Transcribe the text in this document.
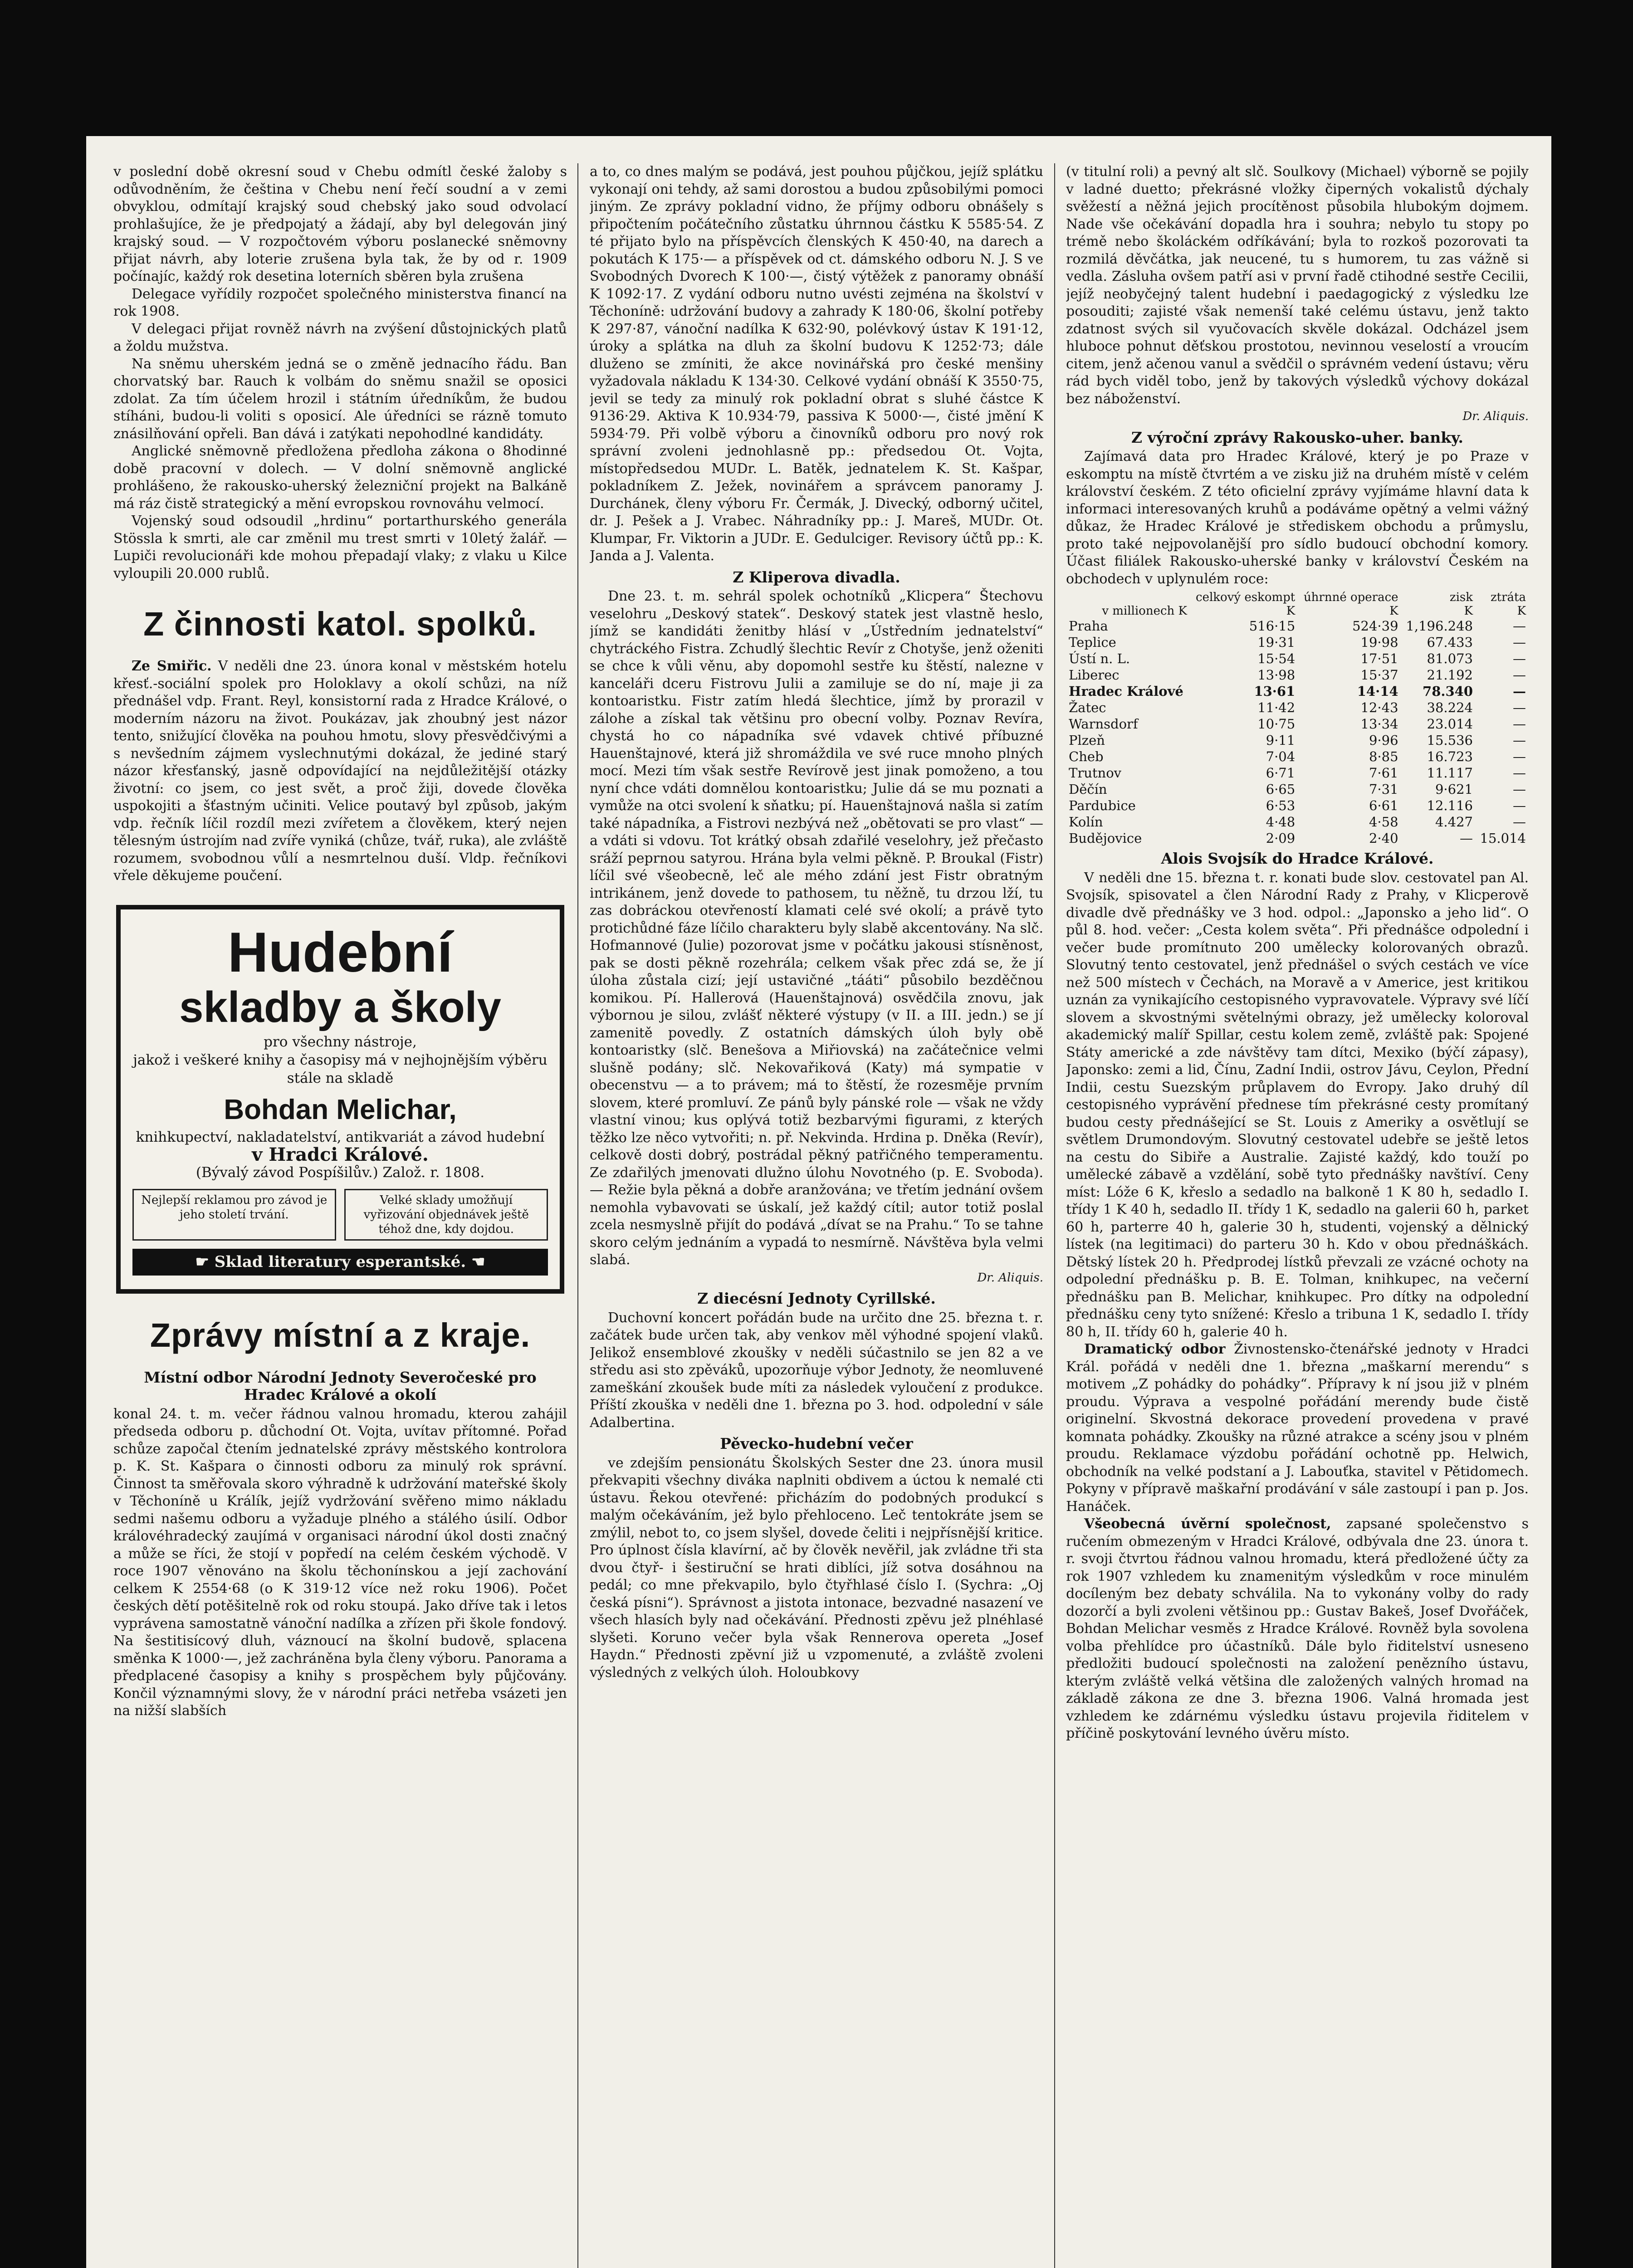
v poslední době okresní soud v Chebu odmítl české žaloby s odůvodněním, že čeština v Chebu není řečí soudní a v zemi obvyklou, odmítají krajský soud chebský jako soud odvolací prohlašujíce, že je předpojatý a žádají, aby byl delegován jiný krajský soud. — V rozpočtovém výboru poslanecké sněmovny přijat návrh, aby loterie zrušena byla tak, že by od r. 1909 počínajíc, každý rok desetina loterních sběren byla zrušena

Delegace vyřídily rozpočet společného ministerstva financí na rok 1908.

V delegaci přijat rovněž návrh na zvýšení důstojnických platů a žoldu mužstva.

Na sněmu uherském jedná se o změně jednacího řádu. Ban chorvatský bar. Rauch k volbám do sněmu snažil se oposici zdolat. Za tím účelem hrozil i státním úředníkům, že budou stíháni, budou-li voliti s oposicí. Ale úředníci se rázně tomuto znásilňování opřeli. Ban dává i zatýkati nepohodlné kandidáty.

Anglické sněmovně předložena předloha zákona o 8hodinné době pracovní v dolech. — V dolní sněmovně anglické prohlášeno, že rakousko-uherský železniční projekt na Balkáně má ráz čistě strategický a mění evropskou rovnováhu velmocí.

Vojenský soud odsoudil „hrdinu“ portarthurského generála Stössla k smrti, ale car změnil mu trest smrti v 10letý žalář. — Lupiči revolucionáři kde mohou přepadají vlaky; z vlaku u Kilce vyloupili 20.000 rublů.

Z činnosti katol. spolků.

Ze Smiřic. V neděli dne 23. února konal v městském hotelu křesť.-sociální spolek pro Holoklavy a okolí schůzi, na níž přednášel vdp. Frant. Reyl, konsistorní rada z Hradce Králové, o moderním názoru na život. Poukázav, jak zhoubný jest názor tento, snižující člověka na pouhou hmotu, slovy přesvědčivými a s nevšedním zájmem vyslechnutými dokázal, že jediné starý názor křesťanský, jasně odpovídající na nejdůležitější otázky životní: co jsem, co jest svět, a proč žiji, dovede člověka uspokojiti a šťastným učiniti. Velice poutavý byl způsob, jakým vdp. řečník líčil rozdíl mezi zvířetem a člověkem, který nejen tělesným ústrojím nad zvíře vyniká (chůze, tvář, ruka), ale zvláště rozumem, svobodnou vůlí a nesmrtelnou duší. Vldp. řečníkovi vřele děkujeme poučení.

Hudební
skladby a školy
pro všechny nástroje,
jakož i veškeré knihy a časopisy má v nejhojnějším výběru stále na skladě
Bohdan Melichar,
knihkupectví, nakladatelství, antikvariát a závod hudební
v Hradci Králové.
(Bývalý závod Pospíšilův.) Založ. r. 1808.
Nejlepší reklamou pro závod je jeho století trvání.
Velké sklady umožňují vyřizování objednávek ještě téhož dne, kdy dojdou.
☛ Sklad literatury esperantské. ☚
Zprávy místní a z kraje.

Místní odbor Národní Jednoty Severočeské pro Hradec Králové a okolí

konal 24. t. m. večer řádnou valnou hromadu, kterou zahájil předseda odboru p. důchodní Ot. Vojta, uvítav přítomné. Pořad schůze započal čtením jednatelské zprávy městského kontrolora p. K. St. Kašpara o činnosti odboru za minulý rok správní. Činnost ta směřovala skoro výhradně k udržování mateřské školy v Těchoníně u Králík, jejíž vydržování svěřeno mimo nákladu sedmi našemu odboru a vyžaduje plného a stálého úsilí. Odbor královéhradecký zaujímá v organisaci národní úkol dosti značný a může se říci, že stojí v popředí na celém českém východě. V roce 1907 věnováno na školu těchonínskou a její zachování celkem K 2554·68 (o K 319·12 více než roku 1906). Počet českých dětí potěšitelně rok od roku stoupá. Jako dříve tak i letos vyprávena samostatně vánoční nadílka a zřízen při škole fondový. Na šestitisícový dluh, váznoucí na školní budově, splacena směnka K 1000·—, jež zachráněna byla členy výboru. Panorama a předplacené časopisy a knihy s prospěchem byly půjčovány. Končil významnými slovy, že v národní práci netřeba vsázeti jen na nižší slabších

a to, co dnes malým se podává, jest pouhou půjčkou, jejíž splátku vykonají oni tehdy, až sami dorostou a budou způsobilými pomoci jiným. Ze zprávy pokladní vidno, že příjmy odboru obnášely s připočtením počátečního zůstatku úhrnnou částku K 5585·54. Z té přijato bylo na příspěvcích členských K 450·40, na darech a pokutách K 175·— a příspěvek od ct. dámského odboru N. J. S ve Svobodných Dvorech K 100·—, čistý výtěžek z panoramy obnáší K 1092·17. Z vydání odboru nutno uvésti zejména na školství v Těchoníně: udržování budovy a zahrady K 180·06, školní potřeby K 297·87, vánoční nadílka K 632·90, polévkový ústav K 191·12, úroky a splátka na dluh za školní budovu K 1252·73; dále dluženo se zmíniti, že akce novinářská pro české menšiny vyžadovala nákladu K 134·30. Celkové vydání obnáší K 3550·75, jevil se tedy za minulý rok pokladní obrat s sluhé částce K 9136·29. Aktiva K 10.934·79, passiva K 5000·—, čisté jmění K 5934·79. Při volbě výboru a činovníků odboru pro nový rok správní zvoleni jednohlasně pp.: předsedou Ot. Vojta, místopředsedou MUDr. L. Batěk, jednatelem K. St. Kašpar, pokladníkem Z. Ježek, novinářem a správcem panoramy J. Durchánek, členy výboru Fr. Čermák, J. Divecký, odborný učitel, dr. J. Pešek a J. Vrabec. Náhradníky pp.: J. Mareš, MUDr. Ot. Klumpar, Fr. Viktorin a JUDr. E. Gedulciger. Revisory účtů pp.: K. Janda a J. Valenta.

Z Kliperova divadla.

Dne 23. t. m. sehrál spolek ochotníků „Klicpera“ Štechovu veselohru „Deskový statek“. Deskový statek jest vlastně heslo, jímž se kandidáti ženitby hlásí v „Ústředním jednatelství“ chytráckého Fistra. Zchudlý šlechtic Revír z Chotyše, jenž oženiti se chce k vůli věnu, aby dopomohl sestře ku štěstí, nalezne v kanceláři dceru Fistrovu Julii a zamiluje se do ní, maje ji za kontoaristku. Fistr zatím hledá šlechtice, jímž by prorazil v zálohe a získal tak většinu pro obecní volby. Poznav Revíra, chystá ho co nápadníka své vdavek chtivé příbuzné Hauenštajnové, která již shromáždila ve své ruce mnoho plných mocí. Mezi tím však sestře Revírově jest jinak pomoženo, a tou nyní chce vdáti domnělou kontoaristku; Julie dá se mu poznati a vymůže na otci svolení k sňatku; pí. Hauenštajnová našla si zatím také nápadníka, a Fistrovi nezbývá než „obětovati se pro vlast“ — a vdáti si vdovu. Tot krátký obsah zdařilé veselohry, jež přečasto sráží peprnou satyrou. Hrána byla velmi pěkně. P. Broukal (Fistr) líčil své všeobecně, leč ale mého zdání jest Fistr obratným intrikánem, jenž dovede to pathosem, tu něžně, tu drzou lží, tu zas dobráckou otevřeností klamati celé své okolí; a právě tyto protichůdné fáze líčilo charakteru byly slabě akcentovány. Na slč. Hofmannové (Julie) pozorovat jsme v počátku jakousi stísněnost, pak se dosti pěkně rozehrála; celkem však přec zdá se, že jí úloha zůstala cizí; její ustavičné „tááti“ působilo bezděčnou komikou. Pí. Hallerová (Hauenštajnová) osvědčila znovu, jak výbornou je silou, zvlášť některé výstupy (v II. a III. jedn.) se jí zamenitě povedly. Z ostatních dámských úloh byly obě kontoaristky (slč. Benešova a Miřiovská) na začátečnice velmi slušně podány; slč. Nekovařiková (Katy) má sympatie v obecenstvu — a to právem; má to štěstí, že rozesměje prvním slovem, které promluví. Ze pánů byly pánské role — však ne vždy vlastní vinou; kus oplývá totiž bezbarvými figurami, z kterých těžko lze něco vytvořiti; n. př. Nekvinda. Hrdina p. Dněka (Revír), celkově dosti dobrý, postrádal pěkný patřičného temperamentu. Ze zdařilých jmenovati dlužno úlohu Novotného (p. E. Svoboda). — Režie byla pěkná a dobře aranžována; ve třetím jednání ovšem nemohla vybavovati se úskalí, jež každý cítil; autor totiž poslal zcela nesmyslně přijít do podává „dívat se na Prahu.“ To se tahne skoro celým jednáním a vypadá to nesmírně. Návštěva byla velmi slabá.

Dr. Aliquis.

Z diecésní Jednoty Cyrillské.

Duchovní koncert pořádán bude na určito dne 25. března t. r. začátek bude určen tak, aby venkov měl výhodné spojení vlaků. Jelikož ensemblové zkoušky v neděli súčastnilo se jen 82 a ve středu asi sto zpěváků, upozorňuje výbor Jednoty, že neomluvené zameškání zkoušek bude míti za následek vyloučení z produkce. Příští zkouška v neděli dne 1. března po 3. hod. odpolední v sále Adalbertina.

Pěvecko-hudební večer

ve zdejším pensionátu Školských Sester dne 23. února musil překvapiti všechny diváka naplniti obdivem a úctou k nemalé cti ústavu. Řekou otevřené: přicházím do podobných produkcí s malým očekáváním, jež bylo přehloceno. Leč tentokráte jsem se zmýlil, nebot to, co jsem slyšel, dovede čeliti i nejpřísnější kritice. Pro úplnost čísla klavírní, ač by člověk nevěřil, jak zvládne tři sta dvou čtyř- i šestiruční se hrati diblíci, jíž sotva dosáhnou na pedál; co mne překvapilo, bylo čtyřhlasé číslo I. (Sychra: „Oj česká písni“). Správnost a jistota intonace, bezvadné nasazení ve všech hlasích byly nad očekávání. Přednosti zpěvu jež plnéhlasé slyšeti. Koruno večer byla však Rennerova opereta „Josef Haydn.“ Přednosti zpěvní již u vzpomenuté, a zvláště zvoleni výsledných z velkých úloh. Holoubkovy

(v titulní roli) a pevný alt slč. Soulkovy (Michael) výborně se pojily v ladné duetto; překrásné vložky čiperných vokalistů dýchaly svěžestí a něžná jejich procítěnost působila hlubokým dojmem. Nade vše očekávání dopadla hra i souhra; nebylo tu stopy po trémě nebo školáckém odříkávání; byla to rozkoš pozorovati ta rozmilá děvčátka, jak neucené, tu s humorem, tu zas vážně si vedla. Zásluha ovšem patří asi v první řadě ctihodné sestře Cecilii, jejíž neobyčejný talent hudební i paedagogický z výsledku lze posouditi; zajisté však nemenší také celému ústavu, jenž takto zdatnost svých sil vyučovacích skvěle dokázal. Odcházel jsem hluboce pohnut děťskou prostotou, nevinnou veselostí a vroucím citem, jenž ačenou vanul a svědčil o správném vedení ústavu; věru rád bych viděl tobo, jenž by takových výsledků výchovy dokázal bez náboženství.

Dr. Aliquis.

Z výroční zprávy Rakousko-uher. banky.

Zajímavá data pro Hradec Králové, který je po Praze v eskomptu na místě čtvrtém a ve zisku již na druhém místě v celém království českém. Z této oficielní zprávy vyjímáme hlavní data k informaci interesovaných kruhů a podáváme opětný a velmi vážný důkaz, že Hradec Králové je střediskem obchodu a průmyslu, proto také nejpovolanější pro sídlo budoucí obchodní komory. Účast filiálek Rakousko-uherské banky v království Českém na obchodech v uplynulém roce:

	celkový eskompt	úhrnné operace	zisk	ztráta
v millionech K	K	K	K	K
Praha	516·15	524·39	1,196.248	—
Teplice	19·31	19·98	67.433	—
Ústí n. L.	15·54	17·51	81.073	—
Liberec	13·98	15·37	21.192	—
Hradec Králové	13·61	14·14	78.340	—
Žatec	11·42	12·43	38.224	—
Warnsdorf	10·75	13·34	23.014	—
Plzeň	9·11	9·96	15.536	—
Cheb	7·04	8·85	16.723	—
Trutnov	6·71	7·61	11.117	—
Děčín	6·65	7·31	9·621	—
Pardubice	6·53	6·61	12.116	—
Kolín	4·48	4·58	4.427	—
Budějovice	2·09	2·40	—	15.014

Alois Svojsík do Hradce Králové.

V neděli dne 15. března t. r. konati bude slov. cestovatel pan Al. Svojsík, spisovatel a člen Národní Rady z Prahy, v Klicperově divadle dvě přednášky ve 3 hod. odpol.: „Japonsko a jeho lid“. O půl 8. hod. večer: „Cesta kolem světa“. Při přednášce odpolední i večer bude promítnuto 200 umělecky kolorovaných obrazů. Slovutný tento cestovatel, jenž přednášel o svých cestách ve více než 500 místech v Čechách, na Moravě a v Americe, jest kritikou uznán za vynikajícího cestopisného vypravovatele. Výpravy své líčí slovem a skvostnými světelnými obrazy, jež umělecky koloroval akademický malíř Spillar, cestu kolem země, zvláště pak: Spojené Státy americké a zde návštěvy tam dítci, Mexiko (býčí zápasy), Japonsko: zemi a lid, Čínu, Zadní Indii, ostrov Jávu, Ceylon, Přední Indii, cestu Suezským průplavem do Evropy. Jako druhý díl cestopisného vyprávění přednese tím překrásné cesty promítaný budou cesty přednášející se St. Louis z Ameriky a osvětlují se světlem Drumondovým. Slovutný cestovatel udebře se ještě letos na cestu do Sibiře a Australie. Zajisté každý, kdo touží po umělecké zábavě a vzdělání, sobě tyto přednášky navštíví. Ceny míst: Lóže 6 K, křeslo a sedadlo na balkoně 1 K 80 h, sedadlo I. třídy 1 K 40 h, sedadlo II. třídy 1 K, sedadlo na galerii 60 h, parket 60 h, parterre 40 h, galerie 30 h, studenti, vojenský a dělnický lístek (na legitimaci) do parteru 30 h. Kdo v obou přednáškách. Dětský lístek 20 h. Předprodej lístků převzali ze vzácné ochoty na odpolední přednášku p. B. E. Tolman, knihkupec, na večerní přednášku pan B. Melichar, knihkupec. Pro dítky na odpolední přednášku ceny tyto snížené: Křeslo a tribuna 1 K, sedadlo I. třídy 80 h, II. třídy 60 h, galerie 40 h.

Dramatický odbor Živnostensko-čtenářské jednoty v Hradci Král. pořádá v neděli dne 1. března „maškarní merendu“ s motivem „Z pohádky do pohádky“. Přípravy k ní jsou již v plném proudu. Výprava a vespolné pořádání merendy bude čistě originelní. Skvostná dekorace provedení provedena v pravé komnata pohádky. Zkoušky na různé atrakce a scény jsou v plném proudu. Reklamace výzdobu pořádání ochotně pp. Helwich, obchodník na velké podstaní a J. Labouťka, stavitel v Pětidomech. Pokyny v přípravě maškařní prodávání v sále zastoupí i pan p. Jos. Hanáček.

Všeobecná úvěrní společnost, zapsané společenstvo s ručením obmezeným v Hradci Králové, odbývala dne 23. února t. r. svoji čtvrtou řádnou valnou hromadu, která předložené účty za rok 1907 vzhledem ku znamenitým výsledkům v roce minulém docíleným bez debaty schválila. Na to vykonány volby do rady dozorčí a byli zvoleni většinou pp.: Gustav Bakeš, Josef Dvořáček, Bohdan Melichar vesměs z Hradce Králové. Rovněž byla sovolena volba přehlídce pro účastníků. Dále bylo řiditelství usneseno předložiti budoucí společnosti na založení penězního ústavu, kterým zvláště velká většina dle založených valných hromad na základě zákona ze dne 3. března 1906. Valná hromada jest vzhledem ke zdárnému výsledku ústavu projevila řiditelem v příčině poskytování levného úvěru místo.
